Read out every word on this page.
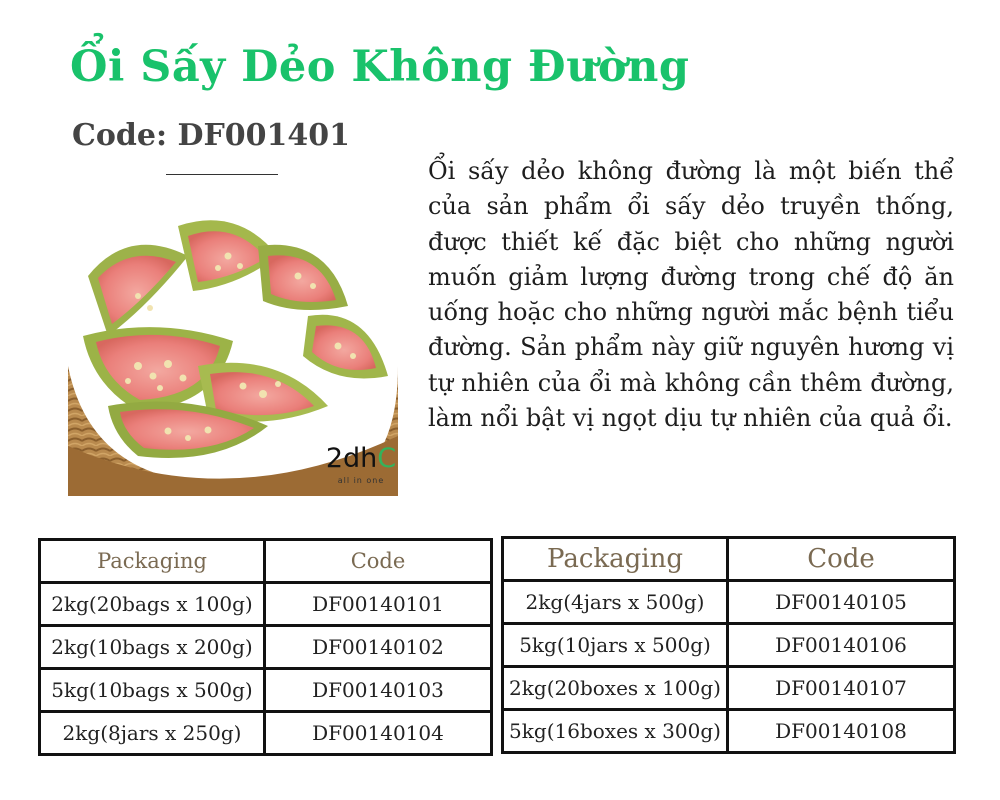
Ổi Sấy Dẻo Không Đường
Code: DF001401
2dhC
all in one

Ổi sấy dẻo không đường là một biến thể của sản phẩm ổi sấy dẻo truyền thống, được thiết kế đặc biệt cho những người muốn giảm lượng đường trong chế độ ăn uống hoặc cho những người mắc bệnh tiểu đường. Sản phẩm này giữ nguyên hương vị tự nhiên của ổi mà không cần thêm đường, làm nổi bật vị ngọt dịu tự nhiên của quả ổi.

Packaging	Code
2kg(20bags x 100g)	DF00140101
2kg(10bags x 200g)	DF00140102
5kg(10bags x 500g)	DF00140103
2kg(8jars x 250g)	DF00140104
Packaging	Code
2kg(4jars x 500g)	DF00140105
5kg(10jars x 500g)	DF00140106
2kg(20boxes x 100g)	DF00140107
5kg(16boxes x 300g)	DF00140108
